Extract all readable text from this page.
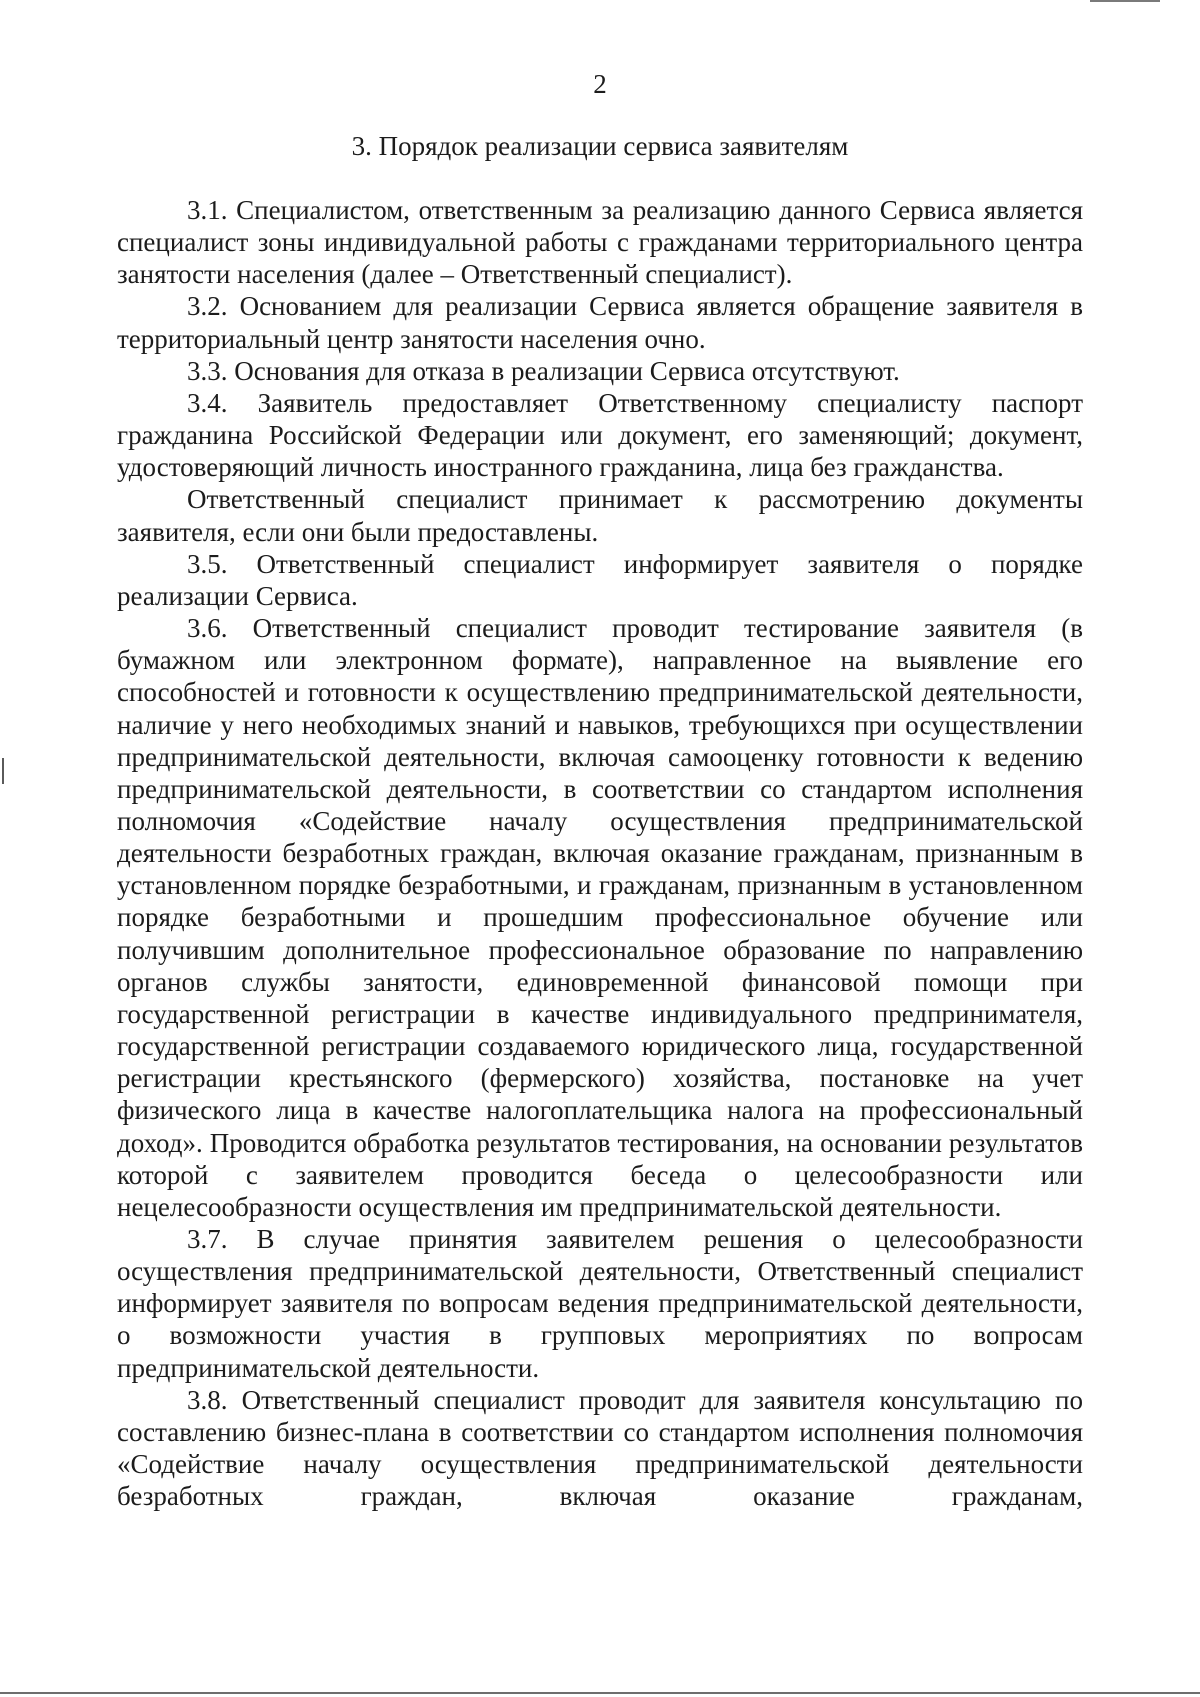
2
3. Порядок реализации сервиса заявителям

3.1. Специалистом, ответственным за реализацию данного Сервиса является специалист зоны индивидуальной работы с гражданами территориального центра занятости населения (далее – Ответственный специалист).

3.2. Основанием для реализации Сервиса является обращение заявителя в территориальный центр занятости населения очно.

3.3. Основания для отказа в реализации Сервиса отсутствуют.

3.4. Заявитель предоставляет Ответственному специалисту паспорт гражданина Российской Федерации или документ, его заменяющий; документ, удостоверяющий личность иностранного гражданина, лица без гражданства.

Ответственный специалист принимает к рассмотрению документы заявителя, если они были предоставлены.

3.5. Ответственный специалист информирует заявителя о порядке реализации Сервиса.

3.6. Ответственный специалист проводит тестирование заявителя (в бумажном или электронном формате), направленное на выявление его способностей и готовности к осуществлению предпринимательской деятельности, наличие у него необходимых знаний и навыков, требующихся при осуществлении предпринимательской деятельности, включая самооценку готовности к ведению предпринимательской деятельности, в соответствии со стандартом исполнения полномочия «Содействие началу осуществления предпринимательской деятельности безработных граждан, включая оказание гражданам, признанным в установленном порядке безработными, и гражданам, признанным в установленном порядке безработными и прошедшим профессиональное обучение или получившим дополнительное профессиональное образование по направлению органов службы занятости, единовременной финансовой помощи при государственной регистрации в качестве индивидуального предпринимателя, государственной регистрации создаваемого юридического лица, государственной регистрации крестьянского (фермерского) хозяйства, постановке на учет физического лица в качестве налогоплательщика налога на профессиональный доход». Проводится обработка результатов тестирования, на основании результатов которой с заявителем проводится беседа о целесообразности или нецелесообразности осуществления им предпринимательской деятельности.

3.7. В случае принятия заявителем решения о целесообразности осуществления предпринимательской деятельности, Ответственный специалист информирует заявителя по вопросам ведения предпринимательской деятельности, о возможности участия в групповых мероприятиях по вопросам предпринимательской деятельности.

3.8. Ответственный специалист проводит для заявителя консультацию по составлению бизнес-плана в соответствии со стандартом исполнения полномочия «Содействие началу осуществления предпринимательской деятельности безработных граждан, включая оказание гражданам,
